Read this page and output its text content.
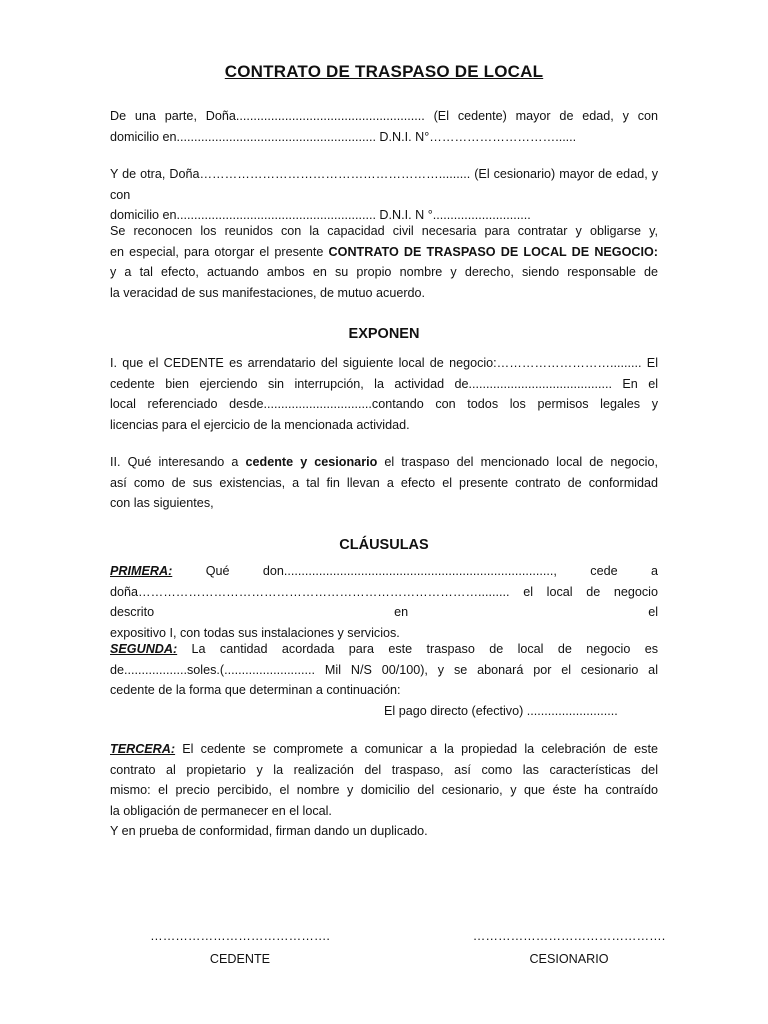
CONTRATO DE TRASPASO DE LOCAL
De una parte, Doña...................................................... (El cedente) mayor de edad, y con
domicilio en......................................................... D.N.I. N°…………………………......
Y de otra, Doña…………………………………………………......... (El cesionario) mayor de edad, y con
domicilio en......................................................... D.N.I. N °............................
Se reconocen los reunidos con la capacidad civil necesaria para contratar y obligarse y,
en especial, para otorgar el presente CONTRATO DE TRASPASO DE LOCAL DE NEGOCIO:
y a tal efecto, actuando ambos en su propio nombre y derecho, siendo responsable de
la veracidad de sus manifestaciones, de mutuo acuerdo.
EXPONEN
I. que el CEDENTE es arrendatario del siguiente local de negocio:………………………......... El
cedente bien ejerciendo sin interrupción, la actividad de......................................... En el
local referenciado desde...............................contando con todos los permisos legales y
licencias para el ejercicio de la mencionada actividad.
II. Qué interesando a cedente y cesionario el traspaso del mencionado local de negocio,
así como de sus existencias, a tal fin llevan a efecto el presente contrato de conformidad
con las siguientes,
CLÁUSULAS
PRIMERA: Qué don............................................................................., cede a
doña………………………………………………………………………......... el local de negocio descrito en el
expositivo I, con todas sus instalaciones y servicios.
SEGUNDA: La cantidad acordada para este traspaso de local de negocio es
de..................soles.(.......................... Mil N/S 00/100), y se abonará por el cesionario al
cedente de la forma que determinan a continuación:
El pago directo (efectivo) ..........................
TERCERA: El cedente se compromete a comunicar a la propiedad la celebración de este
contrato al propietario y la realización del traspaso, así como las características del
mismo: el precio percibido, el nombre y domicilio del cesionario, y que éste ha contraído
la obligación de permanecer en el local.
Y en prueba de conformidad, firman dando un duplicado.
…………………………………….
CEDENTE
……………………………………….
CESIONARIO
